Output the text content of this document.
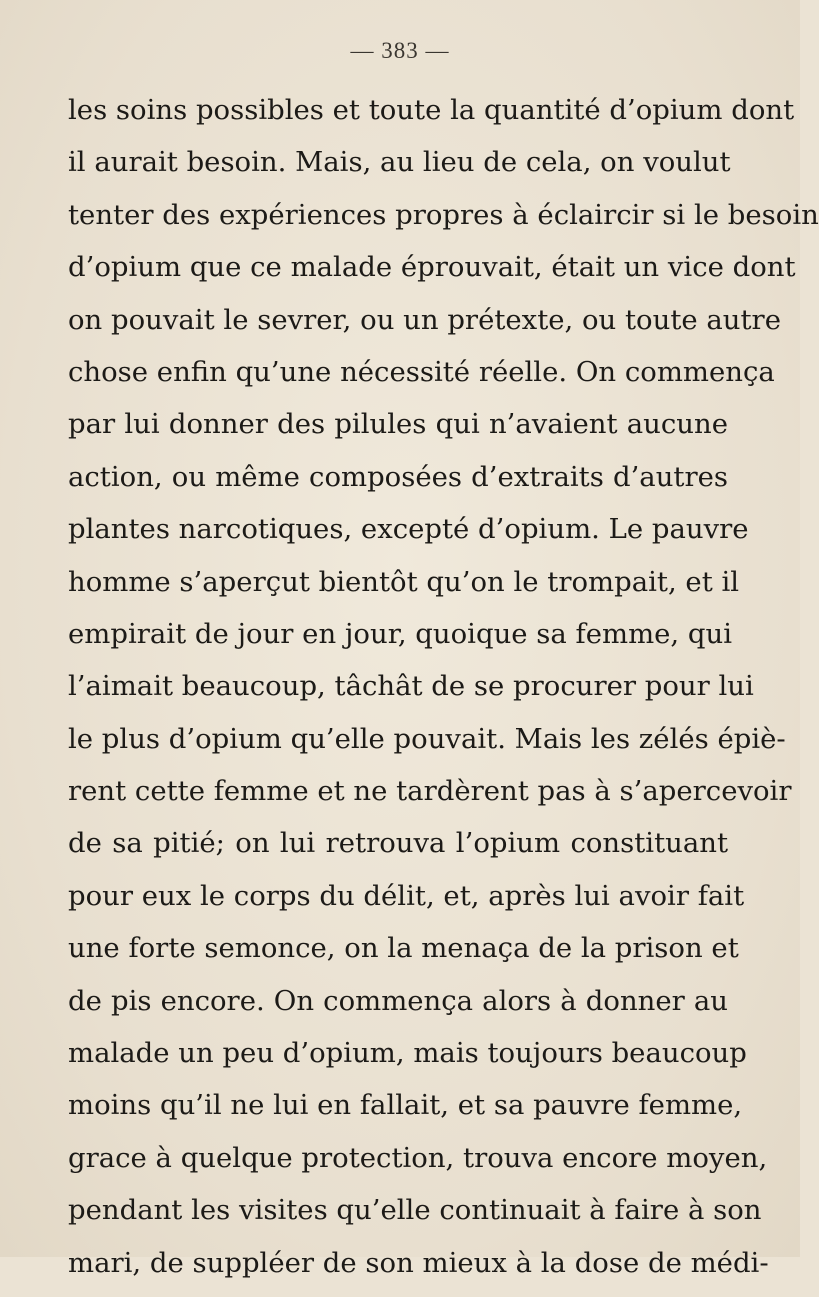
— 383 —
les soins possibles et toute la quantité d’opium dont
il aurait besoin. Mais, au lieu de cela, on voulut
tenter des expériences propres à éclaircir si le besoin
d’opium que ce malade éprouvait, était un vice dont
on pouvait le sevrer, ou un prétexte, ou toute autre
chose enfin qu’une nécessité réelle. On commença
par lui donner des pilules qui n’avaient aucune
action, ou même composées d’extraits d’autres
plantes narcotiques, excepté d’opium. Le pauvre
homme s’aperçut bientôt qu’on le trompait, et il
empirait de jour en jour, quoique sa femme, qui
l’aimait beaucoup, tâchât de se procurer pour lui
le plus d’opium qu’elle pouvait. Mais les zélés épiè-
rent cette femme et ne tardèrent pas à s’apercevoir
de sa pitié; on lui retrouva l’opium constituant
pour eux le corps du délit, et, après lui avoir fait
une forte semonce, on la menaça de la prison et
de pis encore. On commença alors à donner au
malade un peu d’opium, mais toujours beaucoup
moins qu’il ne lui en fallait, et sa pauvre femme,
grace à quelque protection, trouva encore moyen,
pendant les visites qu’elle continuait à faire à son
mari, de suppléer de son mieux à la dose de médi-
